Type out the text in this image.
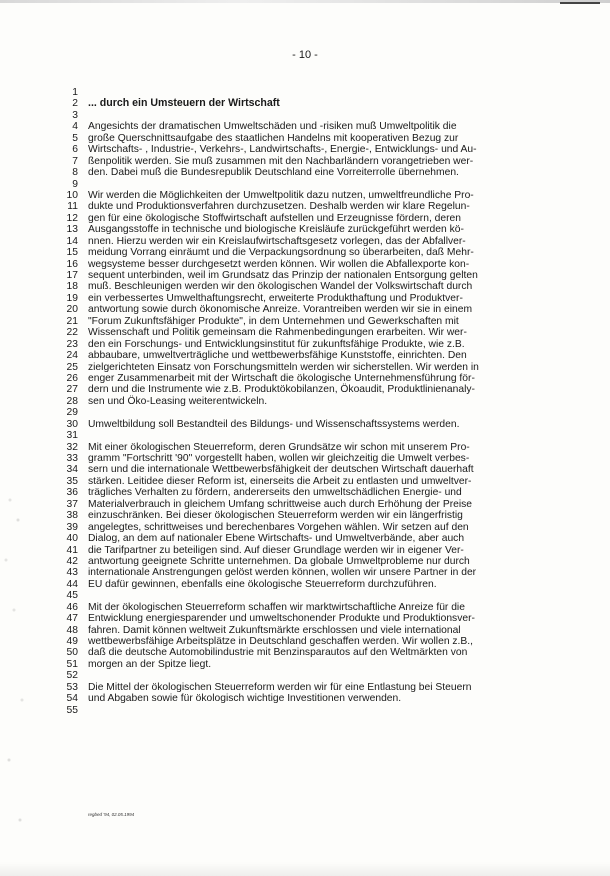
- 10 -
1
2 ... durch ein Umsteuern der Wirtschaft
3
4 Angesichts der dramatischen Umweltschäden und -risiken muß Umweltpolitik die
5 große Querschnittsaufgabe des staatlichen Handelns mit kooperativen Bezug zur
6 Wirtschafts- , Industrie-, Verkehrs-, Landwirtschafts-, Energie-, Entwicklungs- und Au-
7 ßenpolitik werden. Sie muß zusammen mit den Nachbarländern vorangetrieben wer-
8 den. Dabei muß die Bundesrepublik Deutschland eine Vorreiterrolle übernehmen.
9
10 Wir werden die Möglichkeiten der Umweltpolitik dazu nutzen, umweltfreundliche Pro-
11 dukte und Produktionsverfahren durchzusetzen. Deshalb werden wir klare Regelun-
12 gen für eine ökologische Stoffwirtschaft aufstellen und Erzeugnisse fördern, deren
13 Ausgangsstoffe in technische und biologische Kreisläufe zurückgeführt werden kö-
14 nnen. Hierzu werden wir ein Kreislaufwirtschaftsgesetz vorlegen, das der Abfallver-
15 meidung Vorrang einräumt und die Verpackungsordnung so überarbeiten, daß Mehr-
16 wegsysteme besser durchgesetzt werden können. Wir wollen die Abfallexporte kon-
17 sequent unterbinden, weil im Grundsatz das Prinzip der nationalen Entsorgung gelten
18 muß. Beschleunigen werden wir den ökologischen Wandel der Volkswirtschaft durch
19 ein verbessertes Umwelthaftungsrecht, erweiterte Produkthaftung und Produktver-
20 antwortung sowie durch ökonomische Anreize. Vorantreiben werden wir sie in einem
21 "Forum Zukunftsfähiger Produkte", in dem Unternehmen und Gewerkschaften mit
22 Wissenschaft und Politik gemeinsam die Rahmenbedingungen erarbeiten. Wir wer-
23 den ein Forschungs- und Entwicklungsinstitut für zukunftsfähige Produkte, wie z.B.
24 abbaubare, umweltverträgliche und wettbewerbsfähige Kunststoffe, einrichten. Den
25 zielgerichteten Einsatz von Forschungsmitteln werden wir sicherstellen. Wir werden in
26 enger Zusammenarbeit mit der Wirtschaft die ökologische Unternehmensführung för-
27 dern und die Instrumente wie z.B. Produktökobilanzen, Ökoaudit, Produktlinienanaly-
28 sen und Öko-Leasing weiterentwickeln.
29
30 Umweltbildung soll Bestandteil des Bildungs- und Wissenschaftssystems werden.
31
32 Mit einer ökologischen Steuerreform, deren Grundsätze wir schon mit unserem Pro-
33 gramm "Fortschritt '90" vorgestellt haben, wollen wir gleichzeitig die Umwelt verbes-
34 sern und die internationale Wettbewerbsfähigkeit der deutschen Wirtschaft dauerhaft
35 stärken. Leitidee dieser Reform ist, einerseits die Arbeit zu entlasten und umweltver-
36 trägliches Verhalten zu fördern, andererseits den umweltschädlichen Energie- und
37 Materialverbrauch in gleichem Umfang schrittweise auch durch Erhöhung der Preise
38 einzuschränken. Bei dieser ökologischen Steuerreform werden wir ein längerfristig
39 angelegtes, schrittweises und berechenbares Vorgehen wählen. Wir setzen auf den
40 Dialog, an dem auf nationaler Ebene Wirtschafts- und Umweltverbände, aber auch
41 die Tarifpartner zu beteiligen sind. Auf dieser Grundlage werden wir in eigener Ver-
42 antwortung geeignete Schritte unternehmen. Da globale Umweltprobleme nur durch
43 internationale Anstrengungen gelöst werden können, wollen wir unsere Partner in der
44 EU dafür gewinnen, ebenfalls eine ökologische Steuerreform durchzuführen.
45
46 Mit der ökologischen Steuerreform schaffen wir marktwirtschaftliche Anreize für die
47 Entwicklung energiesparender und umweltschonender Produkte und Produktionsver-
48 fahren. Damit können weltweit Zukunftsmärkte erschlossen und viele international
49 wettbewerbsfähige Arbeitsplätze in Deutschland geschaffen werden. Wir wollen z.B.,
50 daß die deutsche Automobilindustrie mit Benzinsparautos auf den Weltmärkten von
51 morgen an der Spitze liegt.
52
53 Die Mittel der ökologischen Steuerreform werden wir für eine Entlastung bei Steuern
54 und Abgaben sowie für ökologisch wichtige Investitionen verwenden.
55
regbed '94, 02.05.1994
